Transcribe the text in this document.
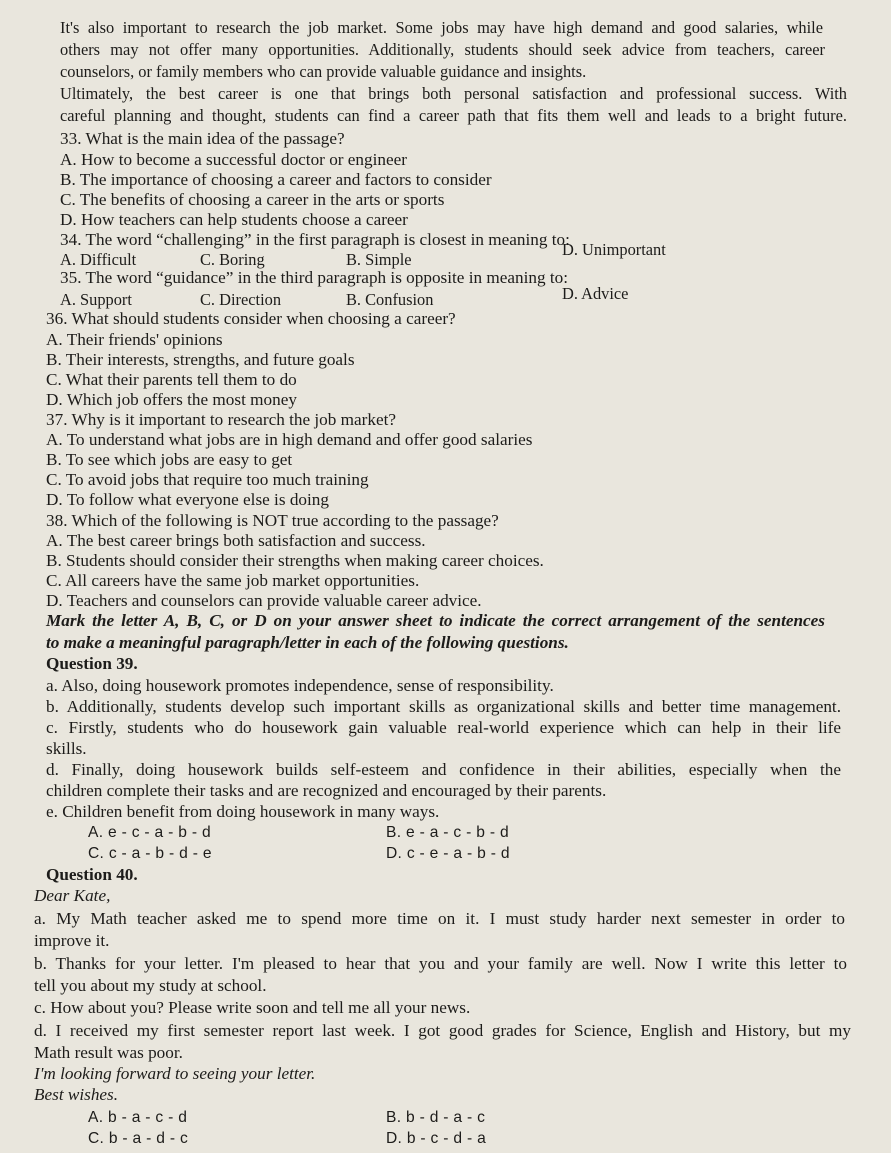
It's also important to research the job market. Some jobs may have high demand and good salaries, while
others may not offer many opportunities. Additionally, students should seek advice from teachers, career
counselors, or family members who can provide valuable guidance and insights.
Ultimately, the best career is one that brings both personal satisfaction and professional success. With
careful planning and thought, students can find a career path that fits them well and leads to a bright future.
33. What is the main idea of the passage?
A. How to become a successful doctor or engineer
B. The importance of choosing a career and factors to consider
C. The benefits of choosing a career in the arts or sports
D. How teachers can help students choose a career
34. The word “challenging” in the first paragraph is closest in meaning to:
A. Difficult	C. Boring	B. Simple
D. Unimportant
35. The word “guidance” in the third paragraph is opposite in meaning to:
A. Support	C. Direction	B. Confusion	D. Advice
36. What should students consider when choosing a career?
A. Their friends' opinions
B. Their interests, strengths, and future goals
C. What their parents tell them to do
D. Which job offers the most money
37. Why is it important to research the job market?
A. To understand what jobs are in high demand and offer good salaries
B. To see which jobs are easy to get
C. To avoid jobs that require too much training
D. To follow what everyone else is doing
38. Which of the following is NOT true according to the passage?
A. The best career brings both satisfaction and success.
B. Students should consider their strengths when making career choices.
C. All careers have the same job market opportunities.
D. Teachers and counselors can provide valuable career advice.
Mark the letter A, B, C, or D on your answer sheet to indicate the correct arrangement of the sentences
to make a meaningful paragraph/letter in each of the following questions.
Question 39.
a. Also, doing housework promotes independence, sense of responsibility.
b. Additionally, students develop such important skills as organizational skills and better time management.
c. Firstly, students who do housework gain valuable real-world experience which can help in their life
skills.
d. Finally, doing housework builds self-esteem and confidence in their abilities, especially when the
children complete their tasks and are recognized and encouraged by their parents.
e. Children benefit from doing housework in many ways.
A. e - c - a - b - d	B. e - a - c - b - d
C. c - a - b - d - e	D. c - e - a - b - d
Question 40.
Dear Kate,
a. My Math teacher asked me to spend more time on it. I must study harder next semester in order to
improve it.
b. Thanks for your letter. I'm pleased to hear that you and your family are well. Now I write this letter to
tell you about my study at school.
c. How about you? Please write soon and tell me all your news.
d. I received my first semester report last week. I got good grades for Science, English and History, but my
Math result was poor.
I'm looking forward to seeing your letter.
Best wishes.
A. b - a - c - d	B. b - d - a - c
C. b - a - d - c	D. b - c - d - a
